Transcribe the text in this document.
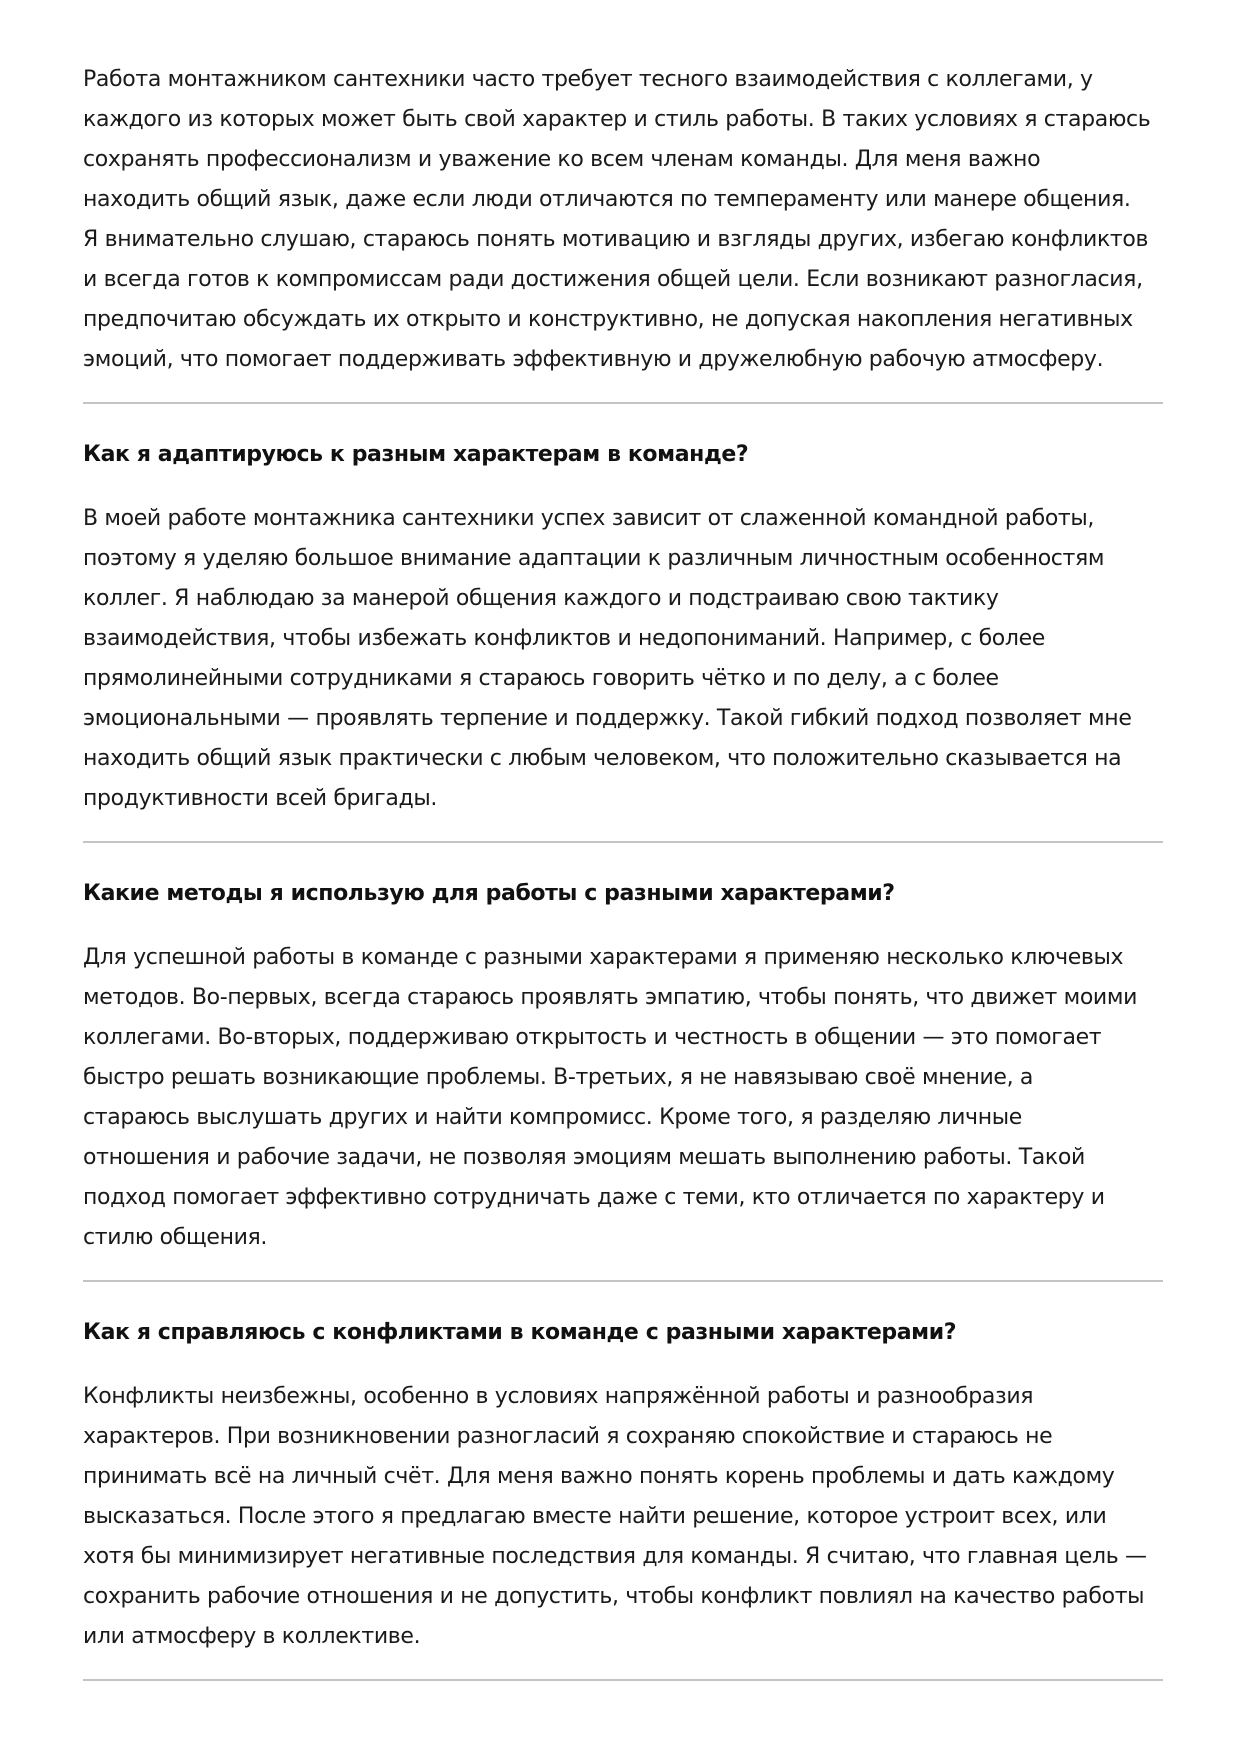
Работа монтажником сантехники часто требует тесного взаимодействия с коллегами, у
каждого из которых может быть свой характер и стиль работы. В таких условиях я стараюсь
сохранять профессионализм и уважение ко всем членам команды. Для меня важно
находить общий язык, даже если люди отличаются по темпераменту или манере общения.
Я внимательно слушаю, стараюсь понять мотивацию и взгляды других, избегаю конфликтов
и всегда готов к компромиссам ради достижения общей цели. Если возникают разногласия,
предпочитаю обсуждать их открыто и конструктивно, не допуская накопления негативных
эмоций, что помогает поддерживать эффективную и дружелюбную рабочую атмосферу.

Как я адаптируюсь к разным характерам в команде?

В моей работе монтажника сантехники успех зависит от слаженной командной работы,
поэтому я уделяю большое внимание адаптации к различным личностным особенностям
коллег. Я наблюдаю за манерой общения каждого и подстраиваю свою тактику
взаимодействия, чтобы избежать конфликтов и недопониманий. Например, с более
прямолинейными сотрудниками я стараюсь говорить чётко и по делу, а с более
эмоциональными — проявлять терпение и поддержку. Такой гибкий подход позволяет мне
находить общий язык практически с любым человеком, что положительно сказывается на
продуктивности всей бригады.

Какие методы я использую для работы с разными характерами?

Для успешной работы в команде с разными характерами я применяю несколько ключевых
методов. Во-первых, всегда стараюсь проявлять эмпатию, чтобы понять, что движет моими
коллегами. Во-вторых, поддерживаю открытость и честность в общении — это помогает
быстро решать возникающие проблемы. В-третьих, я не навязываю своё мнение, а
стараюсь выслушать других и найти компромисс. Кроме того, я разделяю личные
отношения и рабочие задачи, не позволяя эмоциям мешать выполнению работы. Такой
подход помогает эффективно сотрудничать даже с теми, кто отличается по характеру и
стилю общения.

Как я справляюсь с конфликтами в команде с разными характерами?

Конфликты неизбежны, особенно в условиях напряжённой работы и разнообразия
характеров. При возникновении разногласий я сохраняю спокойствие и стараюсь не
принимать всё на личный счёт. Для меня важно понять корень проблемы и дать каждому
высказаться. После этого я предлагаю вместе найти решение, которое устроит всех, или
хотя бы минимизирует негативные последствия для команды. Я считаю, что главная цель —
сохранить рабочие отношения и не допустить, чтобы конфликт повлиял на качество работы
или атмосферу в коллективе.
